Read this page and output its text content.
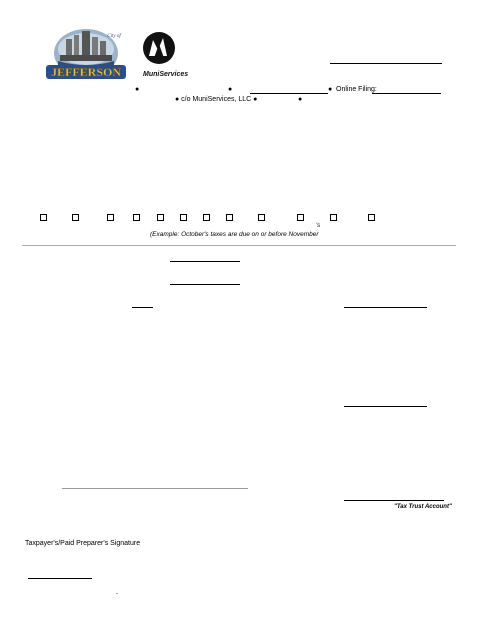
JEFFERSON
City of
MuniServices
●	●	● Online Filing:
● c/o MuniServices, LLC ●	●
's
(Example: October's taxes are due on or before November
"Tax Trust Account"
Taxpayer's/Paid Preparer's Signature
-
